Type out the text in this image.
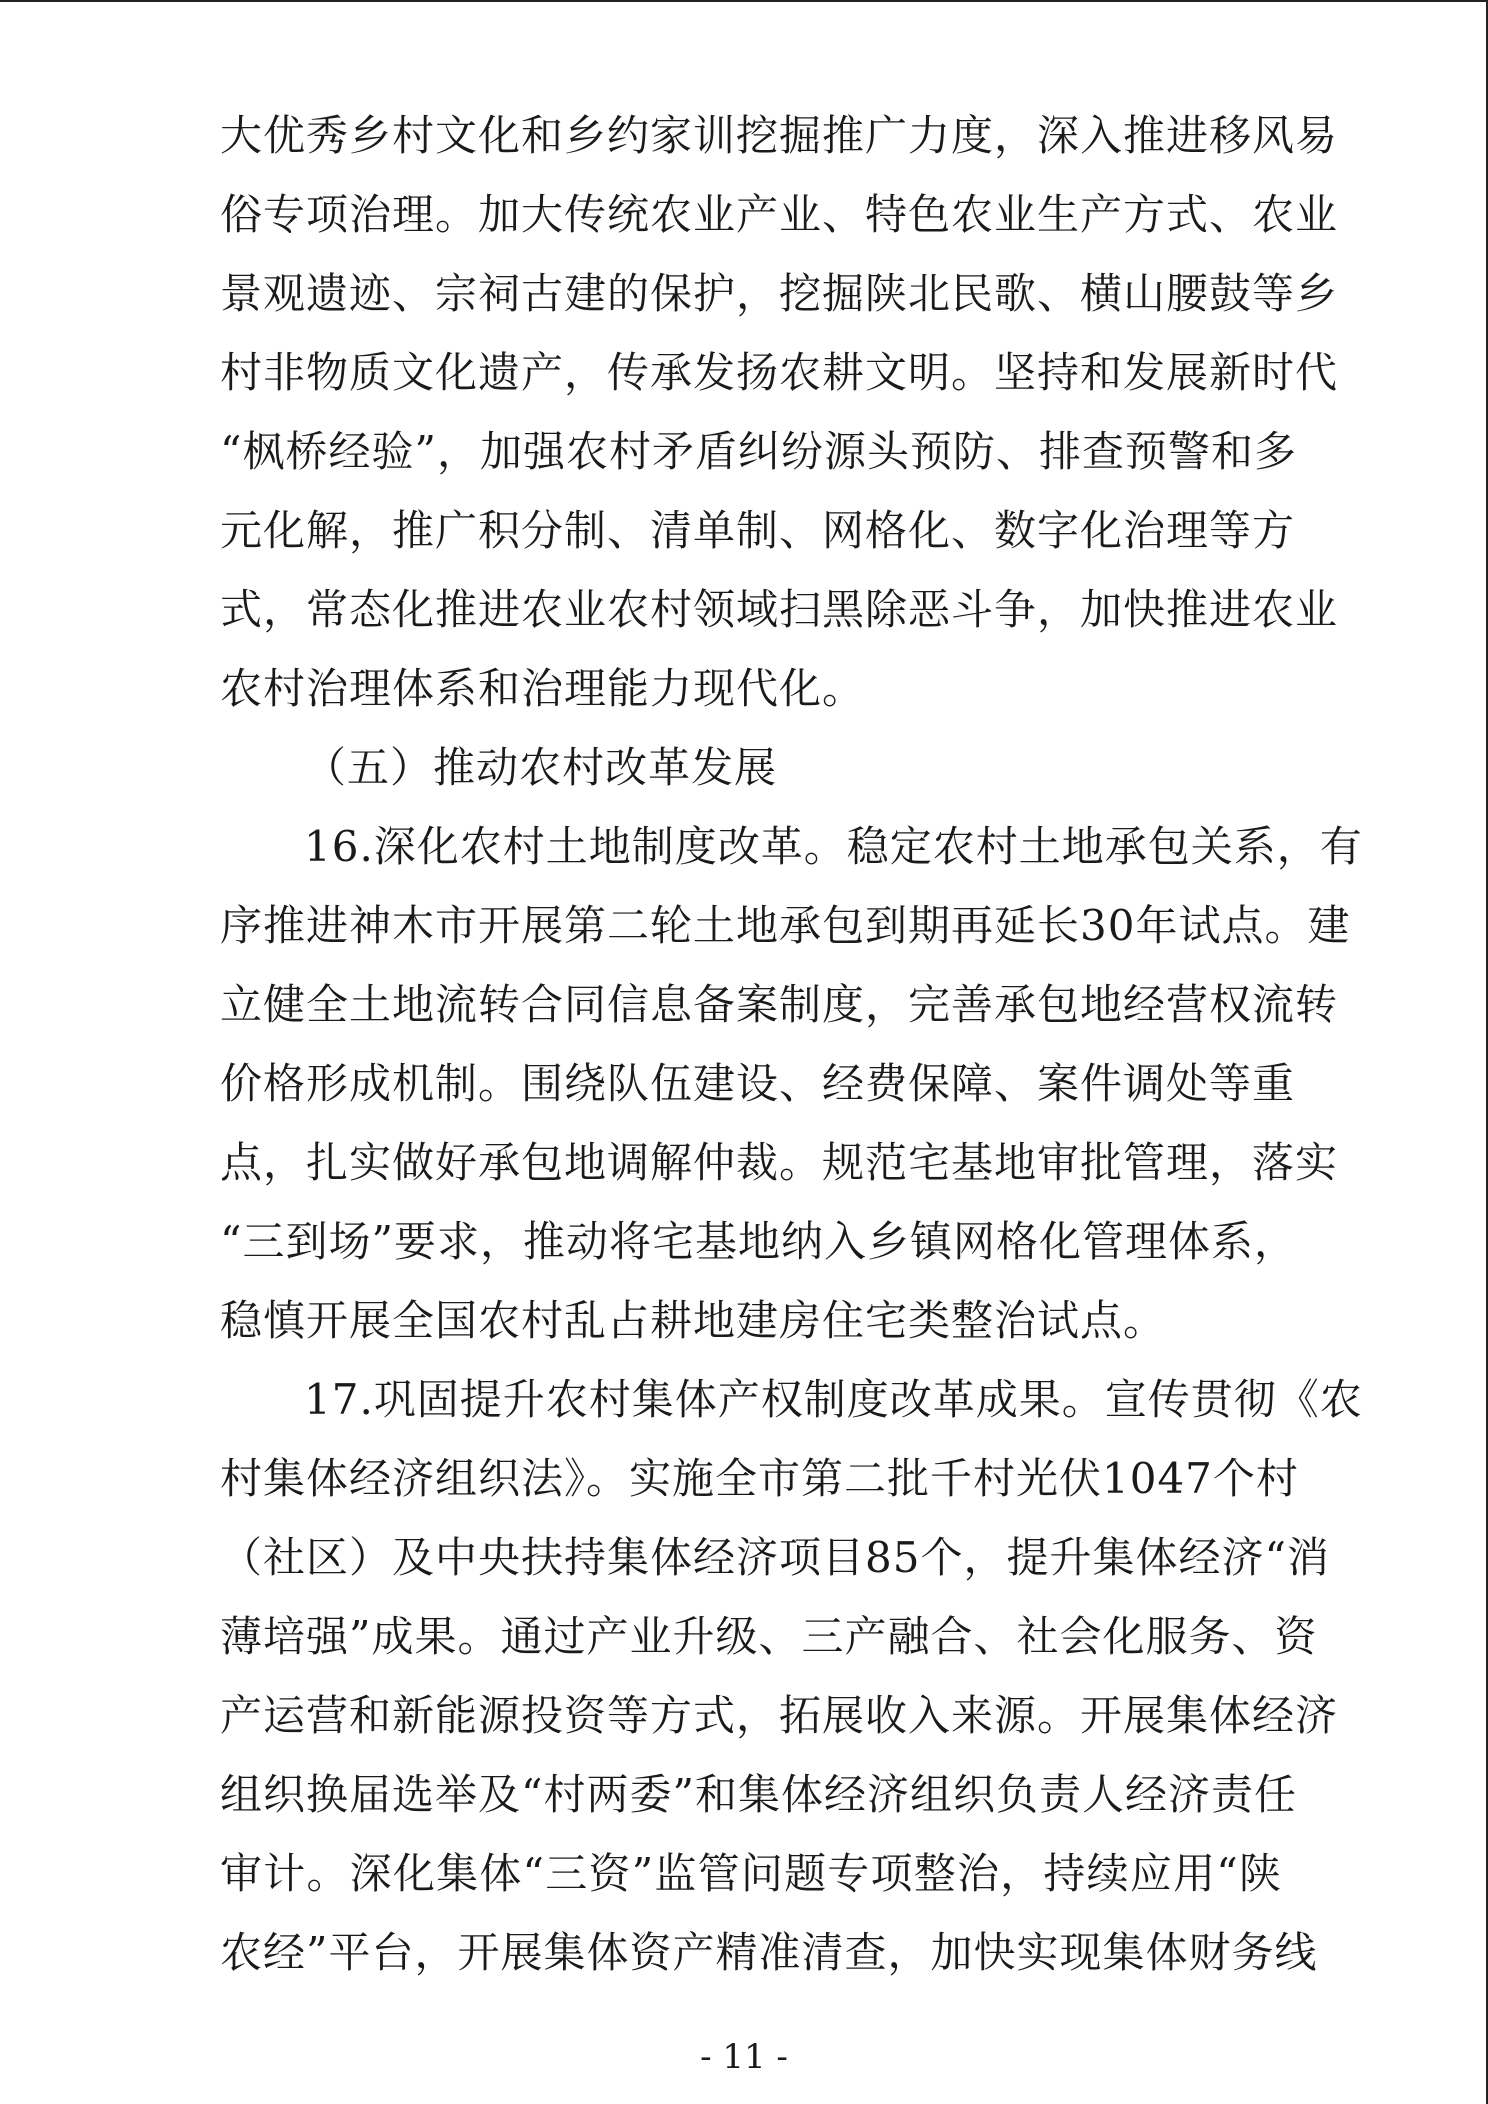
大优秀乡村文化和乡约家训挖掘推广力度，深入推进移风易
俗专项治理。加大传统农业产业、特色农业生产方式、农业
景观遗迹、宗祠古建的保护，挖掘陕北民歌、横山腰鼓等乡
村非物质文化遗产，传承发扬农耕文明。坚持和发展新时代
“枫桥经验”，加强农村矛盾纠纷源头预防、排查预警和多
元化解，推广积分制、清单制、网格化、数字化治理等方
式，常态化推进农业农村领域扫黑除恶斗争，加快推进农业
农村治理体系和治理能力现代化。
（五）推动农村改革发展
16.深化农村土地制度改革。稳定农村土地承包关系，有
序推进神木市开展第二轮土地承包到期再延长30年试点。建
立健全土地流转合同信息备案制度，完善承包地经营权流转
价格形成机制。围绕队伍建设、经费保障、案件调处等重
点，扎实做好承包地调解仲裁。规范宅基地审批管理，落实
“三到场”要求，推动将宅基地纳入乡镇网格化管理体系，
稳慎开展全国农村乱占耕地建房住宅类整治试点。
17.巩固提升农村集体产权制度改革成果。宣传贯彻《农
村集体经济组织法》。实施全市第二批千村光伏1047个村
（社区）及中央扶持集体经济项目85个，提升集体经济“消
薄培强”成果。通过产业升级、三产融合、社会化服务、资
产运营和新能源投资等方式，拓展收入来源。开展集体经济
组织换届选举及“村两委”和集体经济组织负责人经济责任
审计。深化集体“三资”监管问题专项整治，持续应用“陕
农经”平台，开展集体资产精准清查，加快实现集体财务线
- 11 -
